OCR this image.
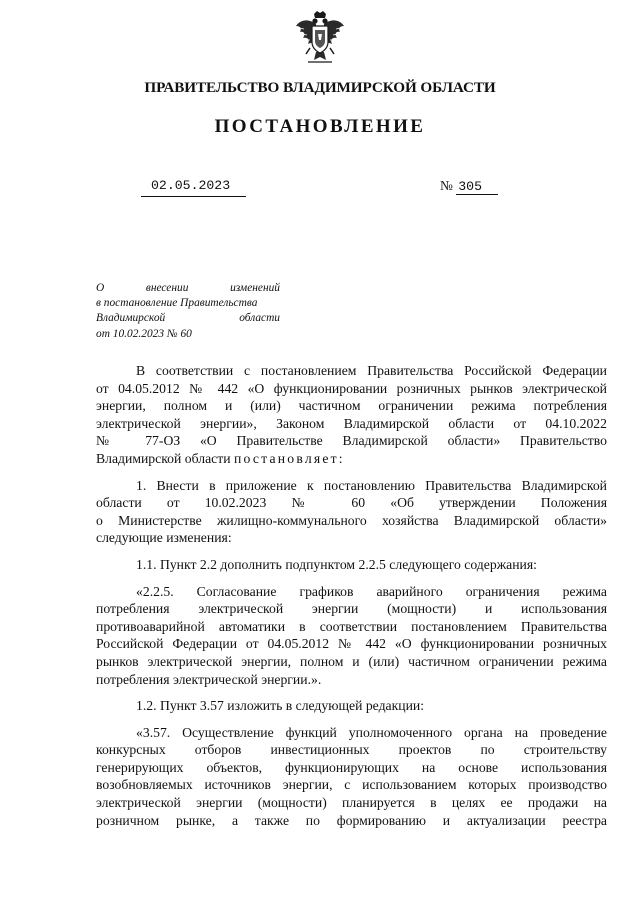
ПРАВИТЕЛЬСТВО ВЛАДИМИРСКОЙ ОБЛАСТИ
ПОСТАНОВЛЕНИЕ
02.05.2023	№ 305
О внесении изменений
в постановление Правительства
Владимирской области
от 10.02.2023 № 60
В соответствии с постановлением Правительства Российской Федерации
от 04.05.2012 № 442 «О функционировании розничных рынков электрической
энергии, полном и (или) частичном ограничении режима потребления
электрической энергии», Законом Владимирской области от 04.10.2022
№ 77-ОЗ «О Правительстве Владимирской области» Правительство
Владимирской области постановляет:
1. Внести в приложение к постановлению Правительства Владимирской
области от 10.02.2023 № 60 «Об утверждении Положения
о Министерстве жилищно-коммунального хозяйства Владимирской области»
следующие изменения:
1.1. Пункт 2.2 дополнить подпунктом 2.2.5 следующего содержания:
«2.2.5. Согласование графиков аварийного ограничения режима
потребления электрической энергии (мощности) и использования
противоаварийной автоматики в соответствии постановлением Правительства
Российской Федерации от 04.05.2012 № 442 «О функционировании розничных
рынков электрической энергии, полном и (или) частичном ограничении режима
потребления электрической энергии.».
1.2. Пункт 3.57 изложить в следующей редакции:
«3.57. Осуществление функций уполномоченного органа на проведение
конкурсных отборов инвестиционных проектов по строительству
генерирующих объектов, функционирующих на основе использования
возобновляемых источников энергии, с использованием которых производство
электрической энергии (мощности) планируется в целях ее продажи на
розничном рынке, а также по формированию и актуализации реестра
